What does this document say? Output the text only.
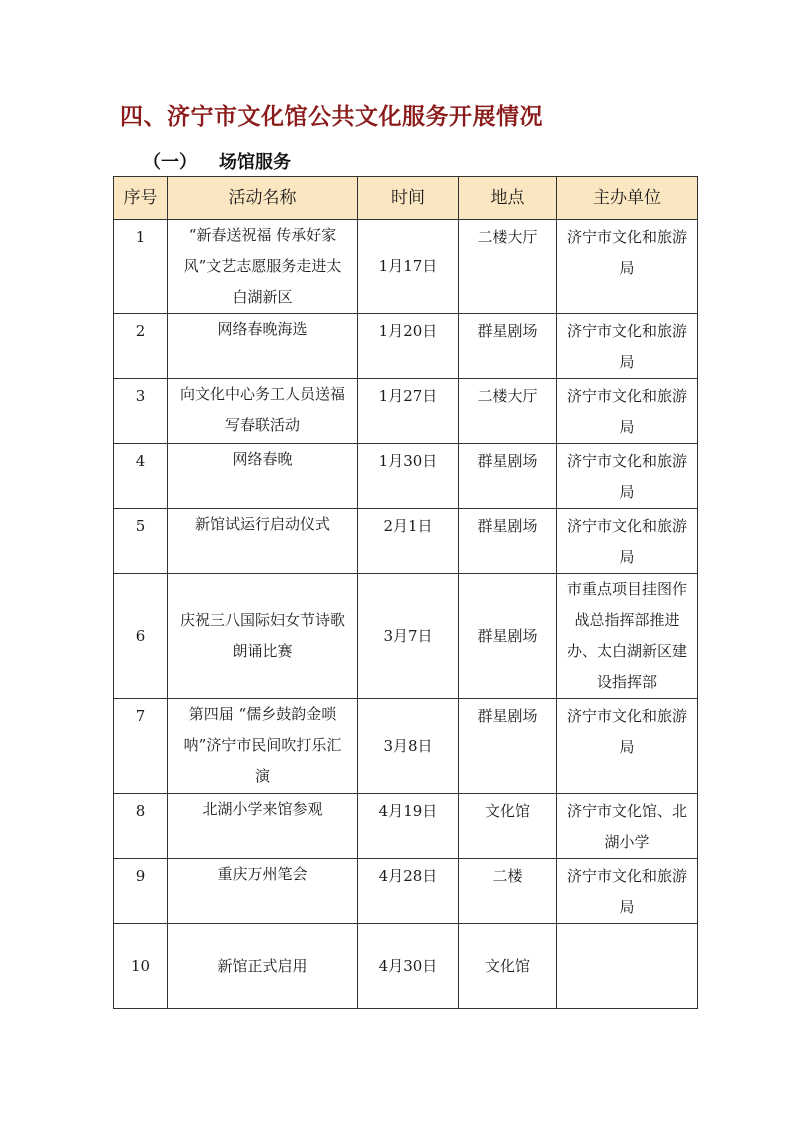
四、济宁市文化馆公共文化服务开展情况
（一） 场馆服务
序号	活动名称	时间	地点	主办单位
1	“新春送祝福 传承好家风”文艺志愿服务走进太白湖新区	1月17日	二楼大厅	济宁市文化和旅游局
2	网络春晚海选	1月20日	群星剧场	济宁市文化和旅游局
3	向文化中心务工人员送福写春联活动	1月27日	二楼大厅	济宁市文化和旅游局
4	网络春晚	1月30日	群星剧场	济宁市文化和旅游局
5	新馆试运行启动仪式	2月1日	群星剧场	济宁市文化和旅游局
6	庆祝三八国际妇女节诗歌朗诵比赛	3月7日	群星剧场	市重点项目挂图作战总指挥部推进办、太白湖新区建设指挥部
7	第四届 “儒乡鼓韵金唢呐”济宁市民间吹打乐汇演	3月8日	群星剧场	济宁市文化和旅游局
8	北湖小学来馆参观	4月19日	文化馆	济宁市文化馆、北湖小学
9	重庆万州笔会	4月28日	二楼	济宁市文化和旅游局
10	新馆正式启用	4月30日	文化馆	
